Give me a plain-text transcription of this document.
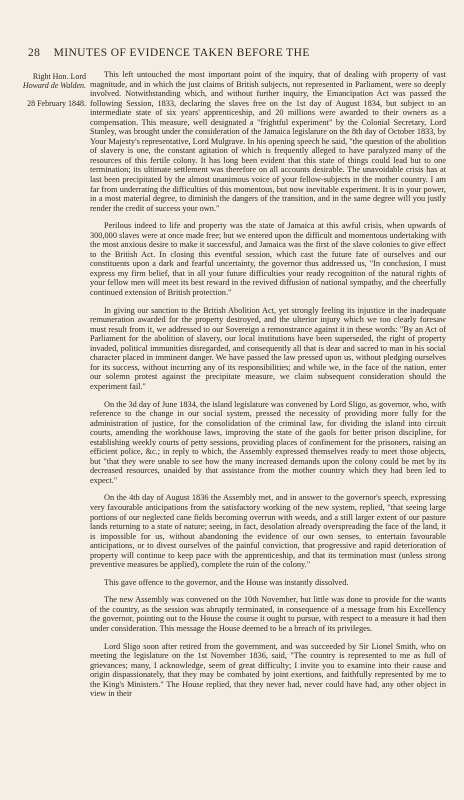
28 MINUTES OF EVIDENCE TAKEN BEFORE THE
Right Hon. Lord
Howard de Walden.
28 February 1848.

This left untouched the most important point of the inquiry, that of dealing with property of vast magnitude, and in which the just claims of British subjects, not represented in Parliament, were so deeply involved. Notwithstanding which, and without further inquiry, the Emancipation Act was passed the following Session, 1833, declaring the slaves free on the 1st day of August 1834, but subject to an intermediate state of six years' apprenticeship, and 20 millions were awarded to their owners as a compensation. This measure, well designated a "frightful experiment" by the Colonial Secretary, Lord Stanley, was brought under the consideration of the Jamaica legislature on the 8th day of October 1833, by Your Majesty's representative, Lord Mulgrave. In his opening speech he said, "the question of the abolition of slavery is one, the constant agitation of which is frequently alleged to have paralyzed many of the resources of this fertile colony. It has long been evident that this state of things could lead but to one termination; its ultimate settlement was therefore on all accounts desirable. The unavoidable crisis has at last been precipitated by the almost unanimous voice of your fellow-subjects in the mother country. I am far from underrating the difficulties of this momentous, but now inevitable experiment. It is in your power, in a most material degree, to diminish the dangers of the transition, and in the same degree will you justly render the credit of success your own."

Perilous indeed to life and property was the state of Jamaica at this awful crisis, when upwards of 300,000 slaves were at once made free; but we entered upon the difficult and momentous undertaking with the most anxious desire to make it successful, and Jamaica was the first of the slave colonies to give effect to the British Act. In closing this eventful session, which cast the future fate of ourselves and our constituents upon a dark and fearful uncertainty, the governor thus addressed us, "In conclusion, I must express my firm belief, that in all your future difficulties your ready recognition of the natural rights of your fellow men will meet its best reward in the revived diffusion of national sympathy, and the cheerfully continued extension of British protection."

In giving our sanction to the British Abolition Act, yet strongly feeling its injustice in the inadequate remuneration awarded for the property destroyed, and the ulterior injury which we too clearly foresaw must result from it, we addressed to our Sovereign a remonstrance against it in these words: "By an Act of Parliament for the abolition of slavery, our local institutions have been superseded, the right of property invaded, political immunities disregarded, and consequently all that is dear and sacred to man in his social character placed in imminent danger. We have passed the law pressed upon us, without pledging ourselves for its success, without incurring any of its responsibilities; and while we, in the face of the nation, enter our solemn protest against the precipitate measure, we claim subsequent consideration should the experiment fail."

On the 3d day of June 1834, the island legislature was convened by Lord Sligo, as governor, who, with reference to the change in our social system, pressed the necessity of providing more fully for the administration of justice, for the consolidation of the criminal law, for dividing the island into circuit courts, amending the workhouse laws, improving the state of the gaols for better prison discipline, for establishing weekly courts of petty sessions, providing places of confinement for the prisoners, raising an efficient police, &c.; in reply to which, the Assembly expressed themselves ready to meet those objects, but "that they were unable to see how the many increased demands upon the colony could be met by its decreased resources, unaided by that assistance from the mother country which they had been led to expect."

On the 4th day of August 1836 the Assembly met, and in answer to the governor's speech, expressing very favourable anticipations from the satisfactory working of the new system, replied, "that seeing large portions of our neglected cane fields becoming overrun with weeds, and a still larger extent of our pasture lands returning to a state of nature; seeing, in fact, desolation already overspreading the face of the land, it is impossible for us, without abandoning the evidence of our own senses, to entertain favourable anticipations, or to divest ourselves of the painful conviction, that progressive and rapid deterioration of property will continue to keep pace with the apprenticeship, and that its termination must (unless strong preventive measures be applied), complete the ruin of the colony."

This gave offence to the governor, and the House was instantly dissolved.

The new Assembly was convened on the 10th November, but little was done to provide for the wants of the country, as the session was abruptly terminated, in consequence of a message from his Excellency the governor, pointing out to the House the course it ought to pursue, with respect to a measure it had then under consideration. This message the House deemed to be a breach of its privileges.

Lord Sligo soon after retired from the government, and was succeeded by Sir Lionel Smith, who on meeting the legislature on the 1st November 1836, said, "The country is represented to me as full of grievances; many, I acknowledge, seem of great difficulty; I invite you to examine into their cause and origin dispassionately, that they may be combated by joint exertions, and faithfully represented by me to the King's Ministers." The House replied, that they never had, never could have had, any other object in view in their
